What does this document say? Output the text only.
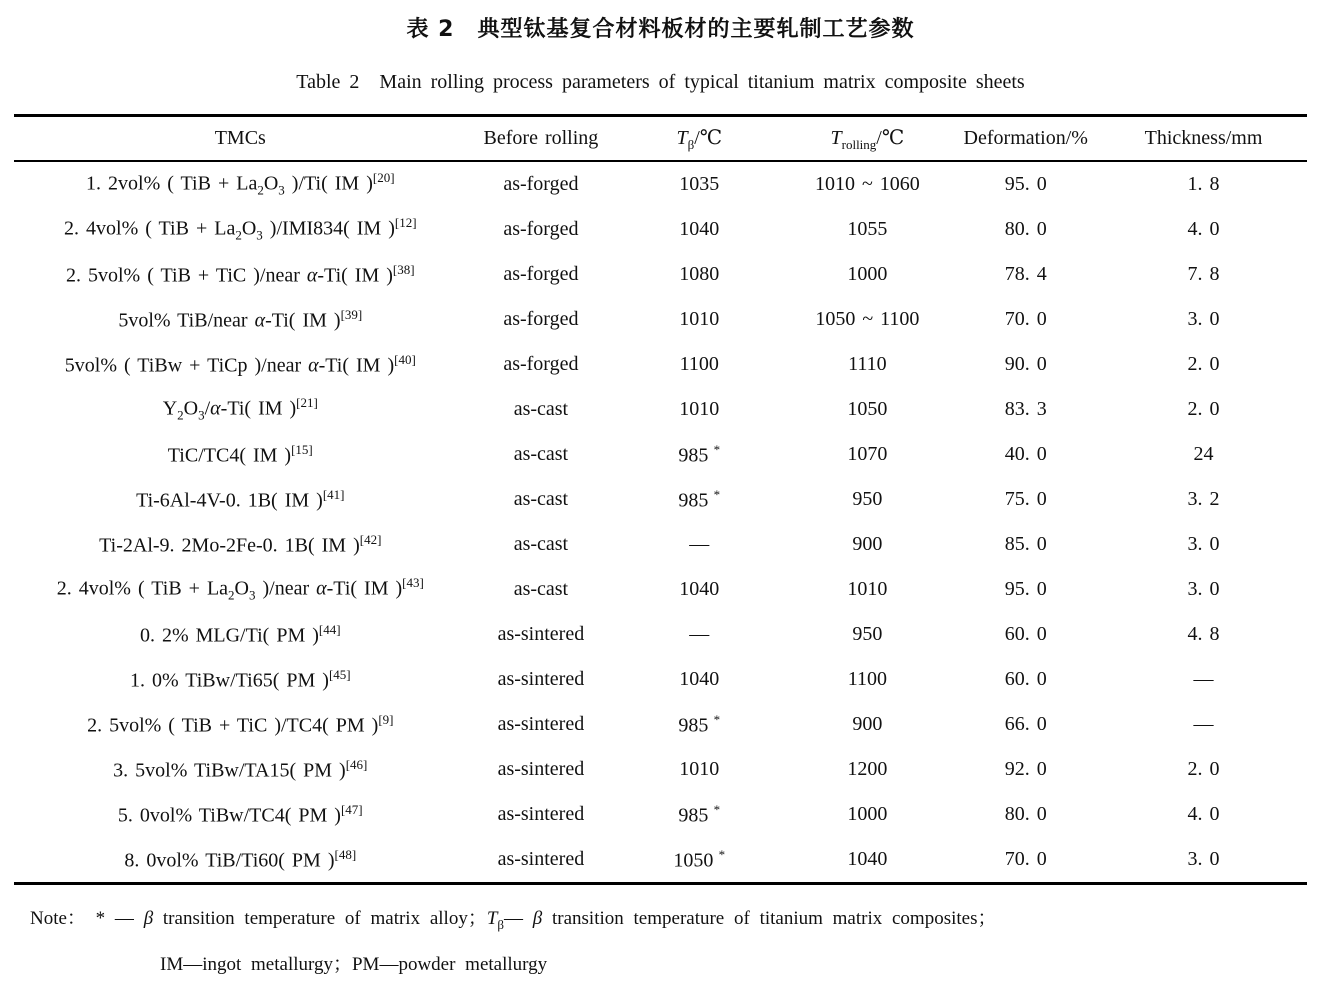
表 2　典型钛基复合材料板材的主要轧制工艺参数
Table 2　Main rolling process parameters of typical titanium matrix composite sheets
TMCs	Before rolling	$T_\beta/℃$	$T_{rolling}/℃$	Deformation/%	Thickness/mm
1. 2vol% ( TiB + $La_2O_3$ )/Ti( IM )[20]	as-forged	1035	1010 ~ 1060	95. 0	1. 8
2. 4vol% ( TiB + $La_2O_3$ )/IMI834( IM )[12]	as-forged	1040	1055	80. 0	4. 0
2. 5vol% ( TiB + TiC )/near α-Ti( IM )[38]	as-forged	1080	1000	78. 4	7. 8
5vol% TiB/near α-Ti( IM )[39]	as-forged	1010	1050 ~ 1100	70. 0	3. 0
5vol% ( TiBw + TiCp )/near α-Ti( IM )[40]	as-forged	1100	1110	90. 0	2. 0
$Y_2O_3/\alpha-Ti$( IM )[21]	as-cast	1010	1050	83. 3	2. 0
TiC/TC4( IM )[15]	as-cast	985 *	1070	40. 0	24
Ti-6Al-4V-0. 1B( IM )[41]	as-cast	985 *	950	75. 0	3. 2
Ti-2Al-9. 2Mo-2Fe-0. 1B( IM )[42]	as-cast	—	900	85. 0	3. 0
2. 4vol% ( TiB + $La_2O_3$ )/near α-Ti( IM )[43]	as-cast	1040	1010	95. 0	3. 0
0. 2% MLG/Ti( PM )[44]	as-sintered	—	950	60. 0	4. 8
1. 0% TiBw/Ti65( PM )[45]	as-sintered	1040	1100	60. 0	—
2. 5vol% ( TiB + TiC )/TC4( PM )[9]	as-sintered	985 *	900	66. 0	—
3. 5vol% TiBw/TA15( PM )[46]	as-sintered	1010	1200	92. 0	2. 0
5. 0vol% TiBw/TC4( PM )[47]	as-sintered	985 *	1000	80. 0	4. 0
8. 0vol% TiB/Ti60( PM )[48]	as-sintered	1050 *	1040	70. 0	3. 0
Note： * — β transition temperature of matrix alloy；$T_\beta—$ β transition temperature of titanium matrix composites；
IM—ingot metallurgy；PM—powder metallurgy
